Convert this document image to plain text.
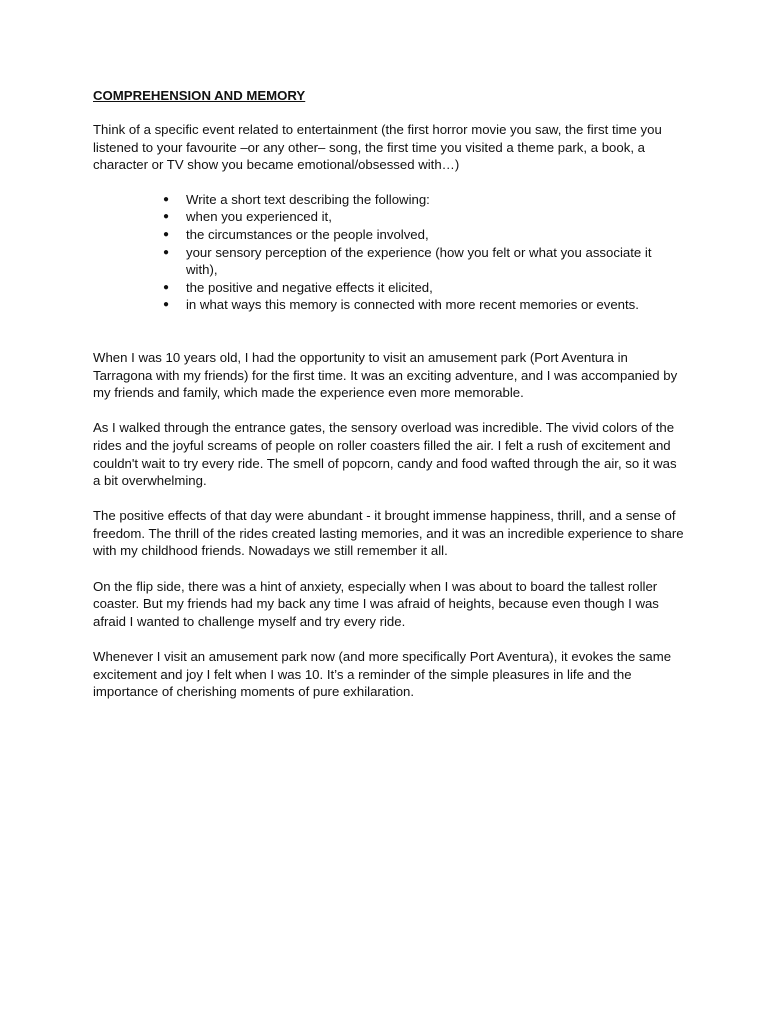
COMPREHENSION AND MEMORY

Think of a specific event related to entertainment (the first horror movie you saw, the first time you listened to your favourite –or any other– song, the first time you visited a theme park, a book, a character or TV show you became emotional/obsessed with…)

● Write a short text describing the following:
● when you experienced it,
● the circumstances or the people involved,
● your sensory perception of the experience (how you felt or what you associate it with),
● the positive and negative effects it elicited,
● in what ways this memory is connected with more recent memories or events.

When I was 10 years old, I had the opportunity to visit an amusement park (Port Aventura in Tarragona with my friends) for the first time. It was an exciting adventure, and I was accompanied by my friends and family, which made the experience even more memorable.

As I walked through the entrance gates, the sensory overload was incredible. The vivid colors of the rides and the joyful screams of people on roller coasters filled the air. I felt a rush of excitement and couldn't wait to try every ride. The smell of popcorn, candy and food wafted through the air, so it was a bit overwhelming.

The positive effects of that day were abundant - it brought immense happiness, thrill, and a sense of freedom. The thrill of the rides created lasting memories, and it was an incredible experience to share with my childhood friends. Nowadays we still remember it all.

On the flip side, there was a hint of anxiety, especially when I was about to board the tallest roller coaster. But my friends had my back any time I was afraid of heights, because even though I was afraid I wanted to challenge myself and try every ride.

Whenever I visit an amusement park now (and more specifically Port Aventura), it evokes the same excitement and joy I felt when I was 10. It’s a reminder of the simple pleasures in life and the importance of cherishing moments of pure exhilaration.
